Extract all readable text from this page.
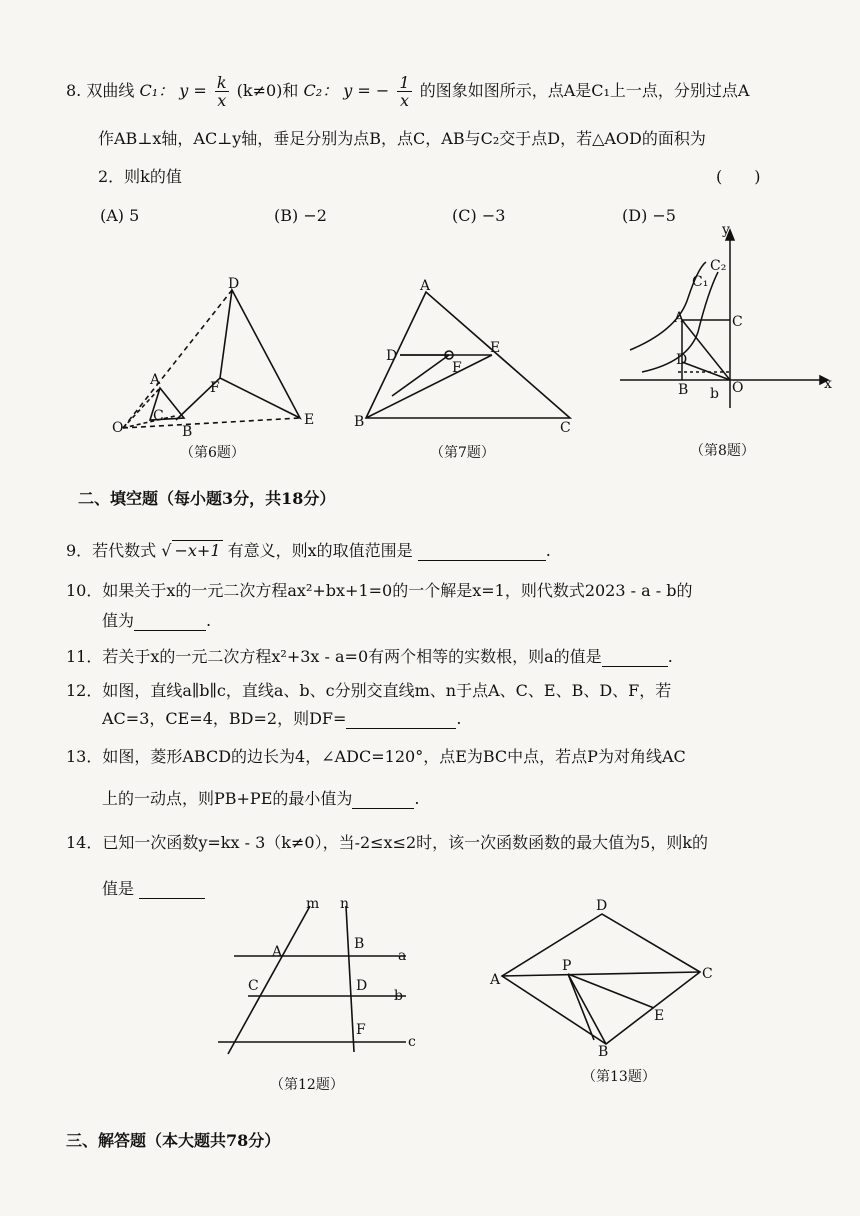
8. 双曲线 C₁： $y = \frac{k}{x} (k\ne 0)$和 C₂： y = − $\frac{1}{x}$ 的图象如图所示，点A是C₁上一点，分别过点A
作AB⊥x轴，AC⊥y轴，垂足分别为点B，点C，AB与C₂交于点D，若△AOD的面积为
2．则k的值	(　　)
(A) 5	(B) −2	(C) −3	(D) −5
D
A	F
C
B
O	E
（第6题）
A
D	E
F
B	C
（第7题）
y
C₂
C₁
A	C
D
B b O	x
（第8题）
二、填空题（每小题3分，共18分）
9．若代数式 √ −x+1 有意义，则x的取值范围是	.
10．如果关于x的一元二次方程ax²+bx+1=0的一个解是x=1，则代数式2023 - a - b的
值为	.
11．若关于x的一元二次方程x²+3x - a=0有两个相等的实数根，则a的值是	.
12．如图，直线a∥b∥c，直线a、b、c分别交直线m、n于点A、C、E、B、D、F，若
AC=3，CE=4，BD=2，则DF=	.
13．如图，菱形ABCD的边长为4，∠ADC=120°，点E为BC中点，若点P为对角线AC
上的一动点，则PB+PE的最小值为	.
14．已知一次函数y=kx - 3（k≠0），当-2≤x≤2时，该一次函数函数的最大值为5，则k的
值是
m n
A	B
a
C	D
b
F
c
（第12题）
D
A
P	C
E
B
（第13题）
三、解答题（本大题共78分）
